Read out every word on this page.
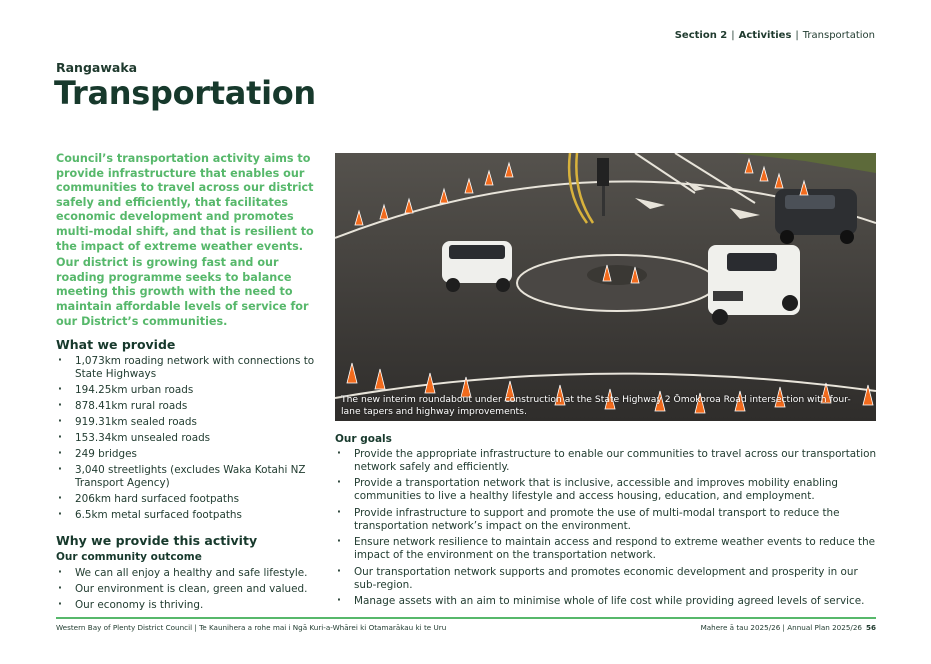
Section 2 | Activities | Transportation
Rangawaka
Transportation

Council’s transportation activity aims to provide infrastructure that enables our communities to travel across our district safely and efficiently, that facilitates economic development and promotes multi-modal shift, and that is resilient to the impact of extreme weather events.

Our district is growing fast and our roading programme seeks to balance meeting this growth with the need to maintain affordable levels of service for our District’s communities.

What we provide
· 1,073km roading network with connections to State Highways
· 194.25km urban roads
· 878.41km rural roads
· 919.31km sealed roads
· 153.34km unsealed roads
· 249 bridges
· 3,040 streetlights (excludes Waka Kotahi NZ Transport Agency)
· 206km hard surfaced footpaths
· 6.5km metal surfaced footpaths
Why we provide this activity
Our community outcome
· We can all enjoy a healthy and safe lifestyle.
· Our environment is clean, green and valued.
· Our economy is thriving.
The new interim roundabout under construction at the State Highway 2 Ōmokoroa Road intersection with four-lane tapers and highway improvements.
Our goals
· Provide the appropriate infrastructure to enable our communities to travel across our transportation network safely and efficiently.
· Provide a transportation network that is inclusive, accessible and improves mobility enabling communities to live a healthy lifestyle and access housing, education, and employment.
· Provide infrastructure to support and promote the use of multi-modal transport to reduce the transportation network’s impact on the environment.
· Ensure network resilience to maintain access and respond to extreme weather events to reduce the impact of the environment on the transportation network.
· Our transportation network supports and promotes economic development and prosperity in our sub-region.
· Manage assets with an aim to minimise whole of life cost while providing agreed levels of service.
Western Bay of Plenty District Council | Te Kaunihera a rohe mai i Ngā Kuri-a-Whārei ki Otamarākau ki te Uru	Mahere ā tau 2025/26 | Annual Plan 2025/26 56
